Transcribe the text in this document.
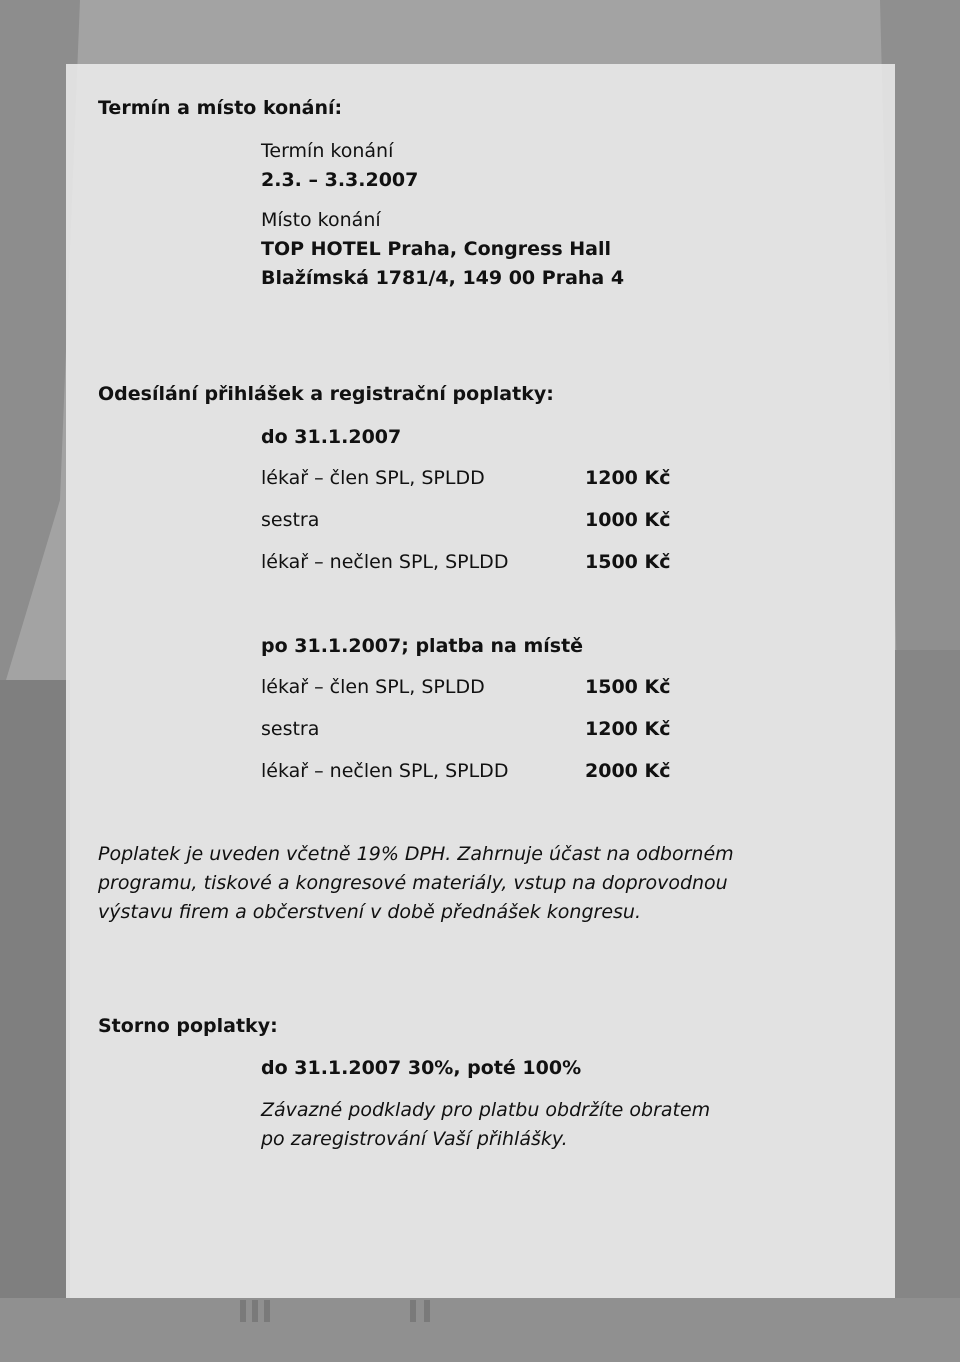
Termín a místo konání:
Termín konání
2.3. – 3.3.2007
Místo konání
TOP HOTEL Praha, Congress Hall
Blažímská 1781/4, 149 00 Praha 4
Odesílání přihlášek a registrační poplatky:
do 31.1.2007
lékař – člen SPL, SPLDD	1200 Kč
sestra	1000 Kč
lékař – nečlen SPL, SPLDD	1500 Kč
po 31.1.2007; platba na místě
lékař – člen SPL, SPLDD	1500 Kč
sestra	1200 Kč
lékař – nečlen SPL, SPLDD	2000 Kč
Poplatek je uveden včetně 19% DPH. Zahrnuje účast na odborném
programu, tiskové a kongresové materiály, vstup na doprovodnou
výstavu firem a občerstvení v době přednášek kongresu.
Storno poplatky:
do 31.1.2007 30%, poté 100%
Závazné podklady pro platbu obdržíte obratem
po zaregistrování Vaší přihlášky.
